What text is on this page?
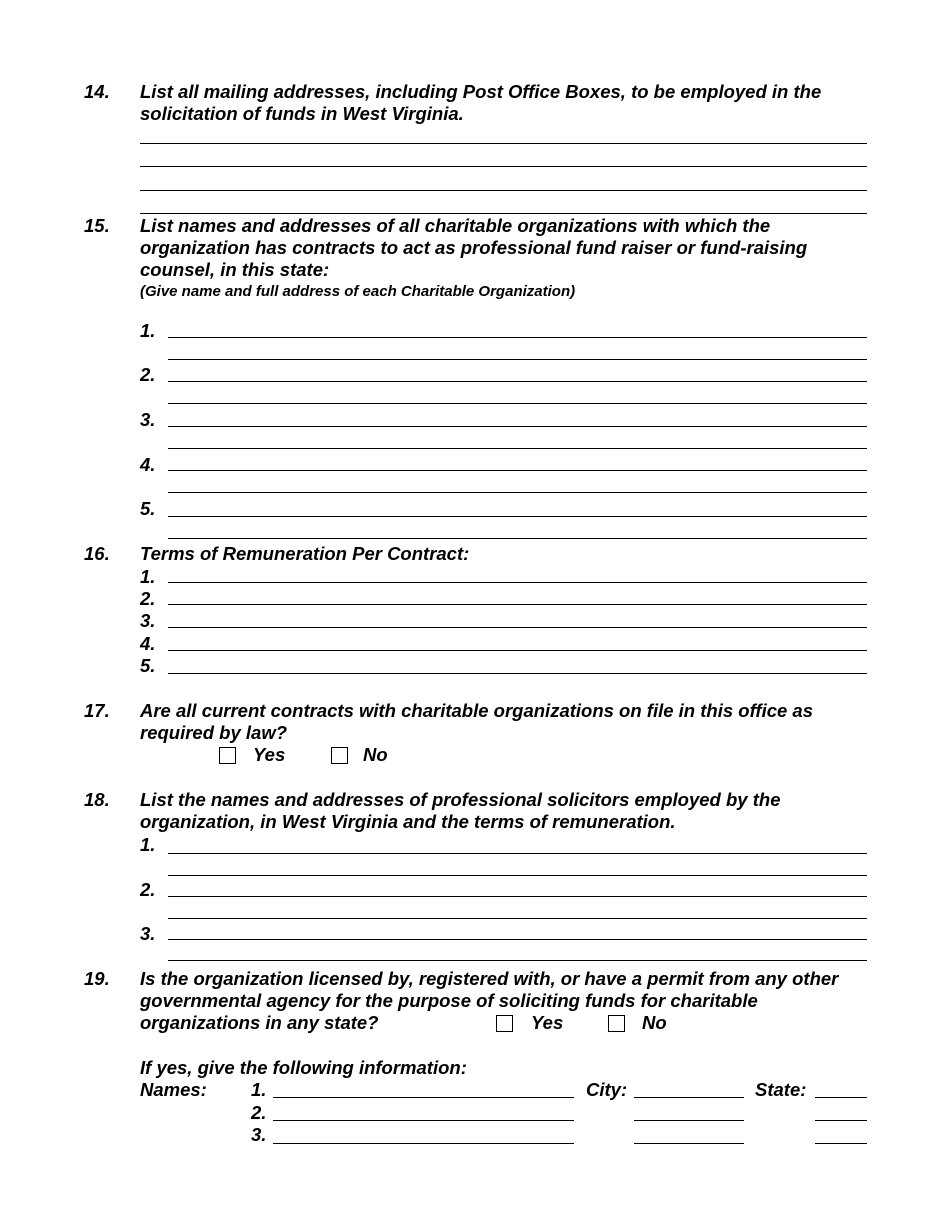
14. List all mailing addresses, including Post Office Boxes, to be employed in the
solicitation of funds in West Virginia.
15. List names and addresses of all charitable organizations with which the
organization has contracts to act as professional fund raiser or fund-raising
counsel, in this state:
(Give name and full address of each Charitable Organization)
1.
2.
3.
4.
5.
16. Terms of Remuneration Per Contract:
1.
2.
3.
4.
5.
17. Are all current contracts with charitable organizations on file in this office as
required by law?
Yes	No
18. List the names and addresses of professional solicitors employed by the
organization, in West Virginia and the terms of remuneration.
1.
2.
3.
19. Is the organization licensed by, registered with, or have a permit from any other
governmental agency for the purpose of soliciting funds for charitable
organizations in any state?	Yes	No
If yes, give the following information:
Names: 1.	City:	State:
2.
3.
